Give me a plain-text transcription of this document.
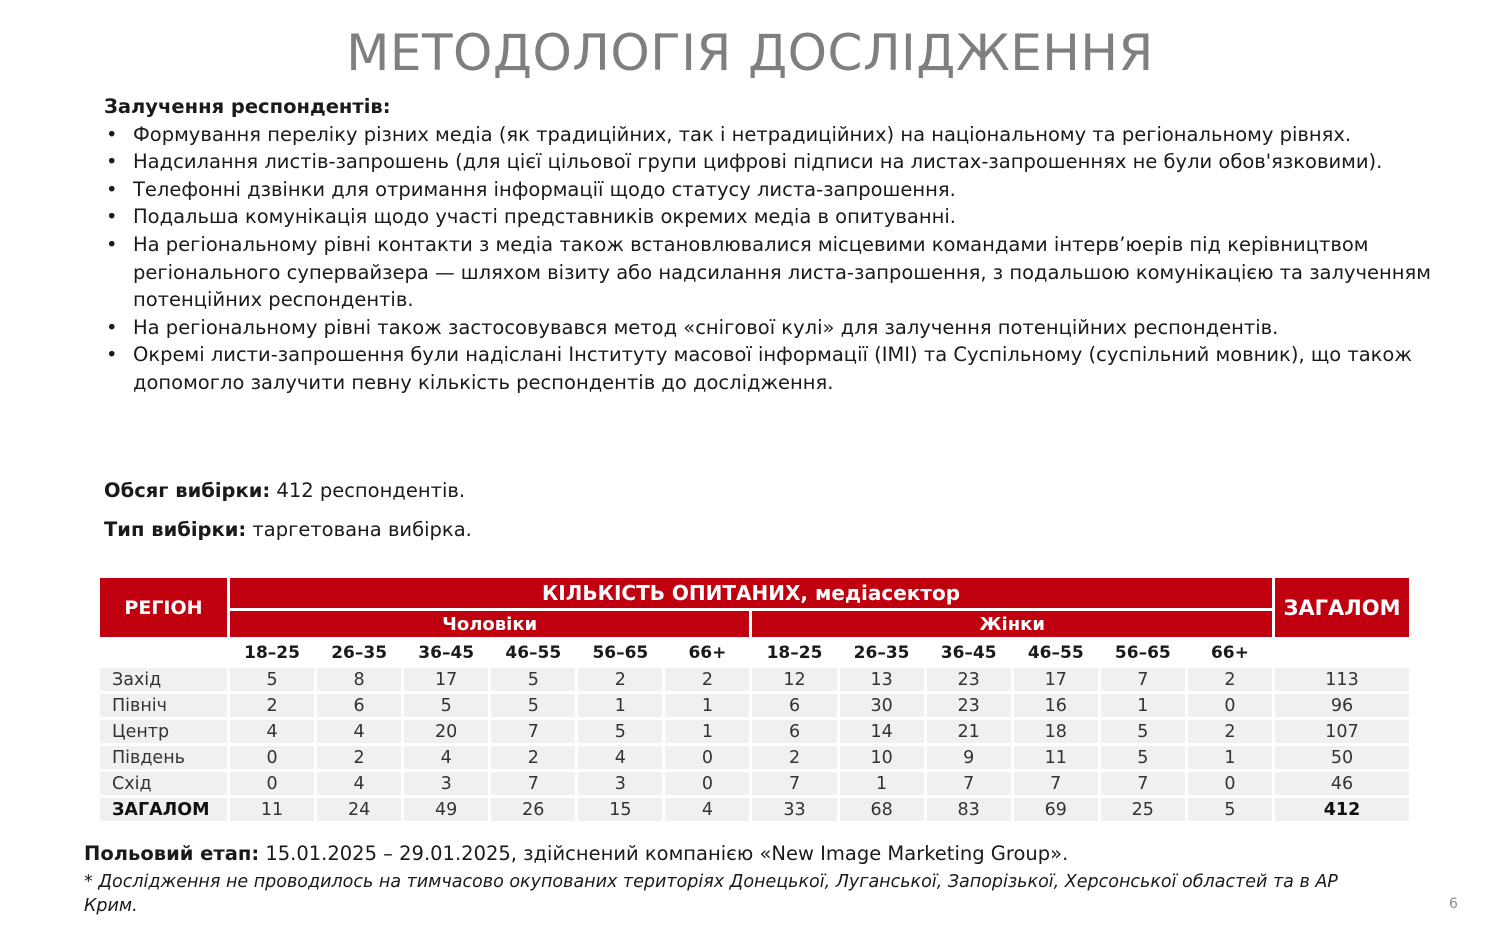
МЕТОДОЛОГІЯ ДОСЛІДЖЕННЯ
Залучення респондентів:
• Формування переліку різних медіа (як традиційних, так і нетрадиційних) на національному та регіональному рівнях.
• Надсилання листів-запрошень (для цієї цільової групи цифрові підписи на листах-запрошеннях не були обов'язковими).
• Телефонні дзвінки для отримання інформації щодо статусу листа-запрошення.
• Подальша комунікація щодо участі представників окремих медіа в опитуванні.
• На регіональному рівні контакти з медіа також встановлювалися місцевими командами інтерв’юерів під керівництвом регіонального супервайзера — шляхом візиту або надсилання листа-запрошення, з подальшою комунікацією та залученням потенційних респондентів.
• На регіональному рівні також застосовувався метод «снігової кулі» для залучення потенційних респондентів.
• Окремі листи-запрошення були надіслані Інституту масової інформації (ІМІ) та Суспільному (суспільний мовник), що також допомогло залучити певну кількість респондентів до дослідження.
Обсяг вибірки: 412 респондентів.
Тип вибірки: таргетована вибірка.
РЕГІОН	КІЛЬКІСТЬ ОПИТАНИХ, медіасектор												ЗАГАЛОМ
	Чоловіки						Жінки						
	18–25	26–35	36–45	46–55	56–65	66+	18–25	26–35	36–45	46–55	56–65	66+	
Захід	5	8	17	5	2	2	12	13	23	17	7	2	113
Північ	2	6	5	5	1	1	6	30	23	16	1	0	96
Центр	4	4	20	7	5	1	6	14	21	18	5	2	107
Південь	0	2	4	2	4	0	2	10	9	11	5	1	50
Схід	0	4	3	7	3	0	7	1	7	7	7	0	46
ЗАГАЛОМ	11	24	49	26	15	4	33	68	83	69	25	5	412
Польовий етап: 15.01.2025 – 29.01.2025, здійснений компанією «New Image Marketing Group».
* Дослідження не проводилось на тимчасово окупованих територіях Донецької, Луганської, Запорізької, Херсонської областей та в АР Крим.	6
